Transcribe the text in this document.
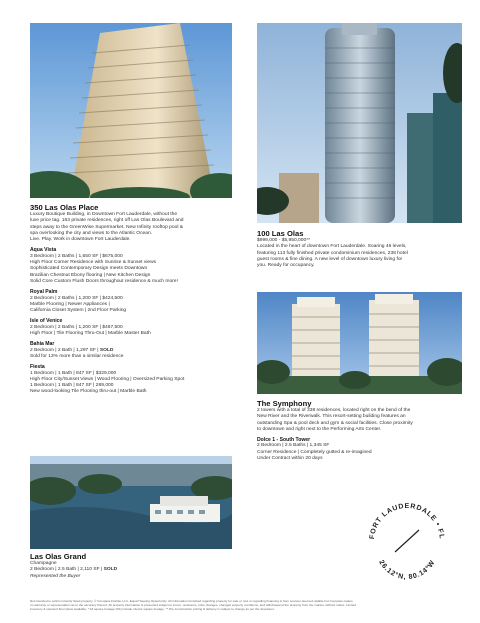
350 Las Olas Place
Luxury Boutique Building, in Downtown Fort Lauderdale, without the
luxe price tag. 163 private residences, right off Las Olas Boulevard and
steps away to the GreenWise Supermarket. New Infinity rooftop pool &
spa overlooking the city and views to the Atlantic Ocean.
Live. Play. Work in downtown Fort Lauderdale.
Aqua Vista
3 Bedroom | 2 Baths | 1,650 SF | $675,000
High Floor Corner Residence with Sunrise & Sunset views
Sophisticated Contemporary Design meets Downtown
Brazilian Chestnut Ebony flooring | New Kitchen Design
Solid Core Custom Flush Doors throughout residence & much more!
Royal Palm
2 Bedroom | 2 Baths | 1,200 SF | $424,500
Marble Flooring | Newer Appliances |
California Closet System | 2nd Floor Parking
Isle of Venice
2 Bedroom | 2 Baths | 1,200 SF | $467,500
High Floor | Tile Flooring Thru-Out | Marble Master Bath
Bahia Mar
2 Bedroom | 2 Bath | 1,297 SF | SOLD
Sold for 13% more than a similar residence
Fiesta
1 Bedroom | 1 Bath | 847 SF | $329,000
High Floor City/Sunset Views | Wood Flooring | Oversized Parking Spot
1 Bedroom | 1 Bath | 847 SF | 289,000
New wood-looking Tile Flooring thru-out | Marble Bath
100 Las Olas
$999,000 - $5,950,000**
Located in the heart of downtown Fort Lauderdale. Soaring 46 levels,
featuring 113 fully finished private condominium residences, 238 hotel
guest rooms & fine dining. A new level of downtown luxury living for
you. Ready for occupancy.
The Symphony
2 towers with a total of 338 residences, located right on the bend of the
New River and the Riverwalk. This resort-setting building features an
outstanding Spa & pool deck and gym & social facilities. Close proximity
to downtown and right next to the Performing Arts Center.
Dolce 1 - South Tower
2 Bedroom | 2.5 Baths | 1,345 SF
Corner Residence | Completely gutted & re-imagined
Under Contract within 20 days
Las Olas Grand
Champagne
2 Bedroom | 2.5 Bath | 2,110 SF | SOLD
Represented the Buyer
FORT LAUDERDALE • FL
26.12°N, 80.14°W
Not intended to solicit currently listed property. © Compass Florida, LLC. Equal Housing Opportunity. All information furnished regarding property for sale or rent or regarding financing is from sources deemed reliable but Compass makes
no warranty or representation as to the accuracy thereof. All property information is presented subject to errors, omissions, price changes, changed property conditions, and withdrawal of the property from the market, without notice. Limited
inventory & selected floor plans available. * All square footage (SF) include interior square footage. ** Pre-Construction pricing & delivery is subject to change as per the developer.
